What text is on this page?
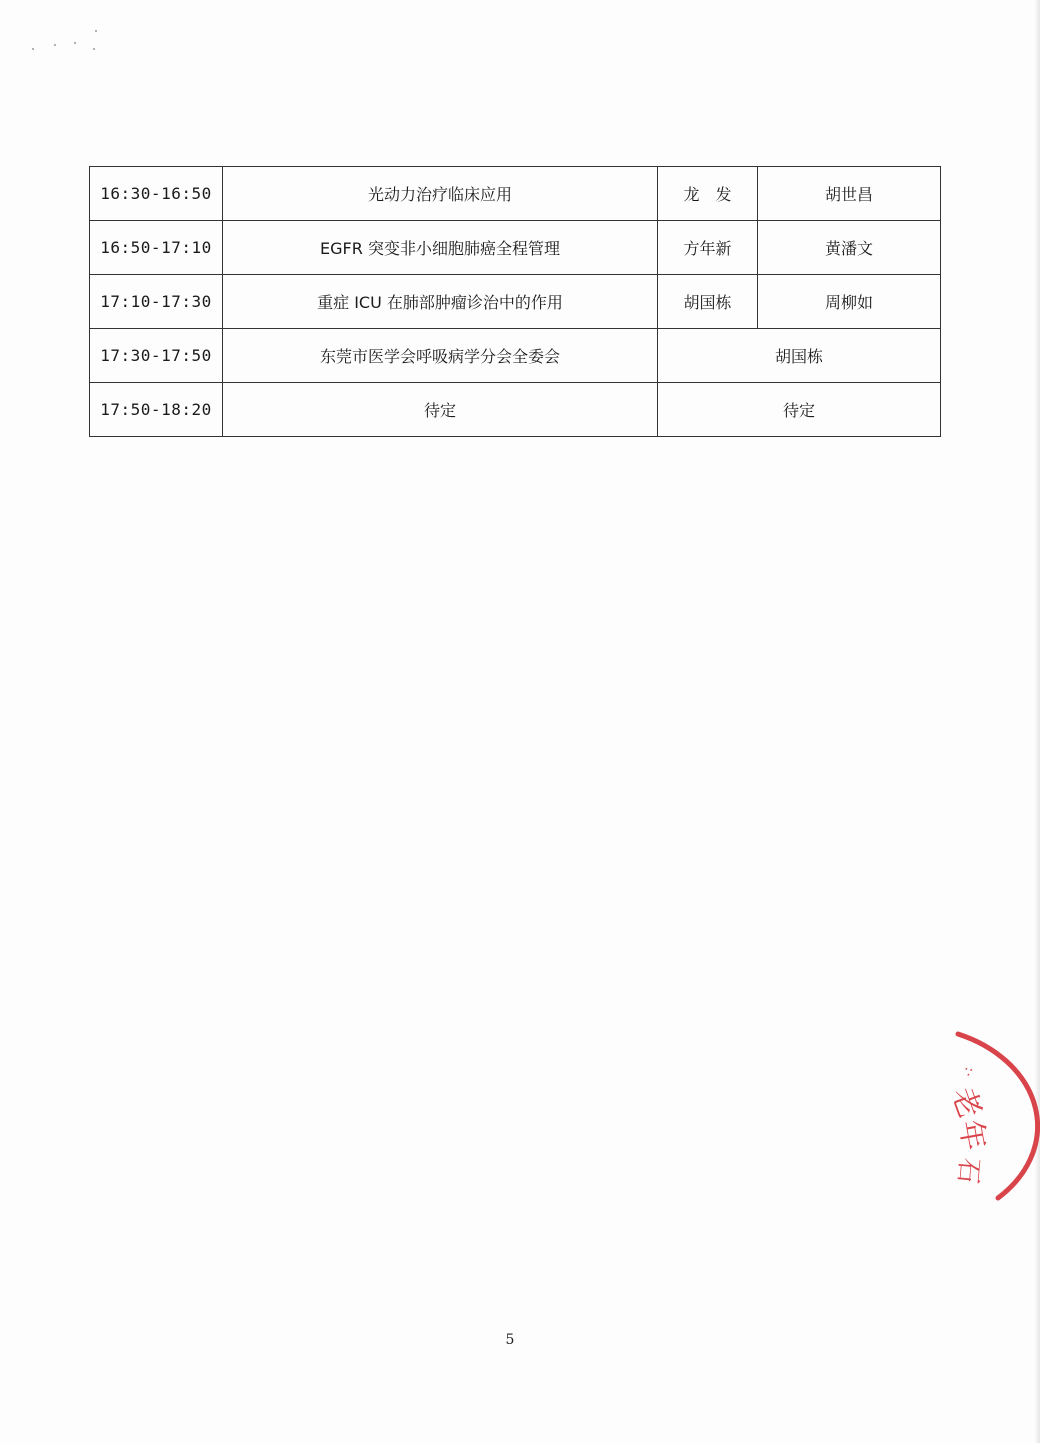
16:30-16:50	光动力治疗临床应用	龙　发	胡世昌
16:50-17:10	EGFR 突变非小细胞肺癌全程管理	方年新	黄潘文
17:10-17:30	重症 ICU 在肺部肿瘤诊治中的作用	胡国栋	周柳如
17:30-17:50	东莞市医学会呼吸病学分会全委会	胡国栋	
17:50-18:20	待定	待定	
·:
老
年
石
5
